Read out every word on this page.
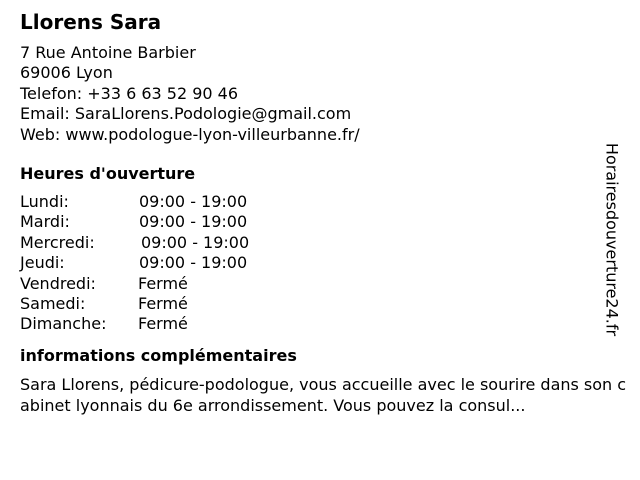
Llorens Sara
7 Rue Antoine Barbier
69006 Lyon
Telefon: +33 6 63 52 90 46
Email: SaraLlorens.Podologie@gmail.com
Web: www.podologue-lyon-villeurbanne.fr/
Heures d'ouverture
Lundi:	09:00 - 19:00
Mardi:	09:00 - 19:00
Mercredi:	09:00 - 19:00
Jeudi:	09:00 - 19:00
Vendredi:	Fermé
Samedi:	Fermé
Dimanche:	Fermé
informations complémentaires
Sara Llorens, pédicure-podologue, vous accueille avec le sourire dans son cabinet lyonnais du 6e arrondissement. Vous pouvez la consul...
Horairesdouverture24.fr
